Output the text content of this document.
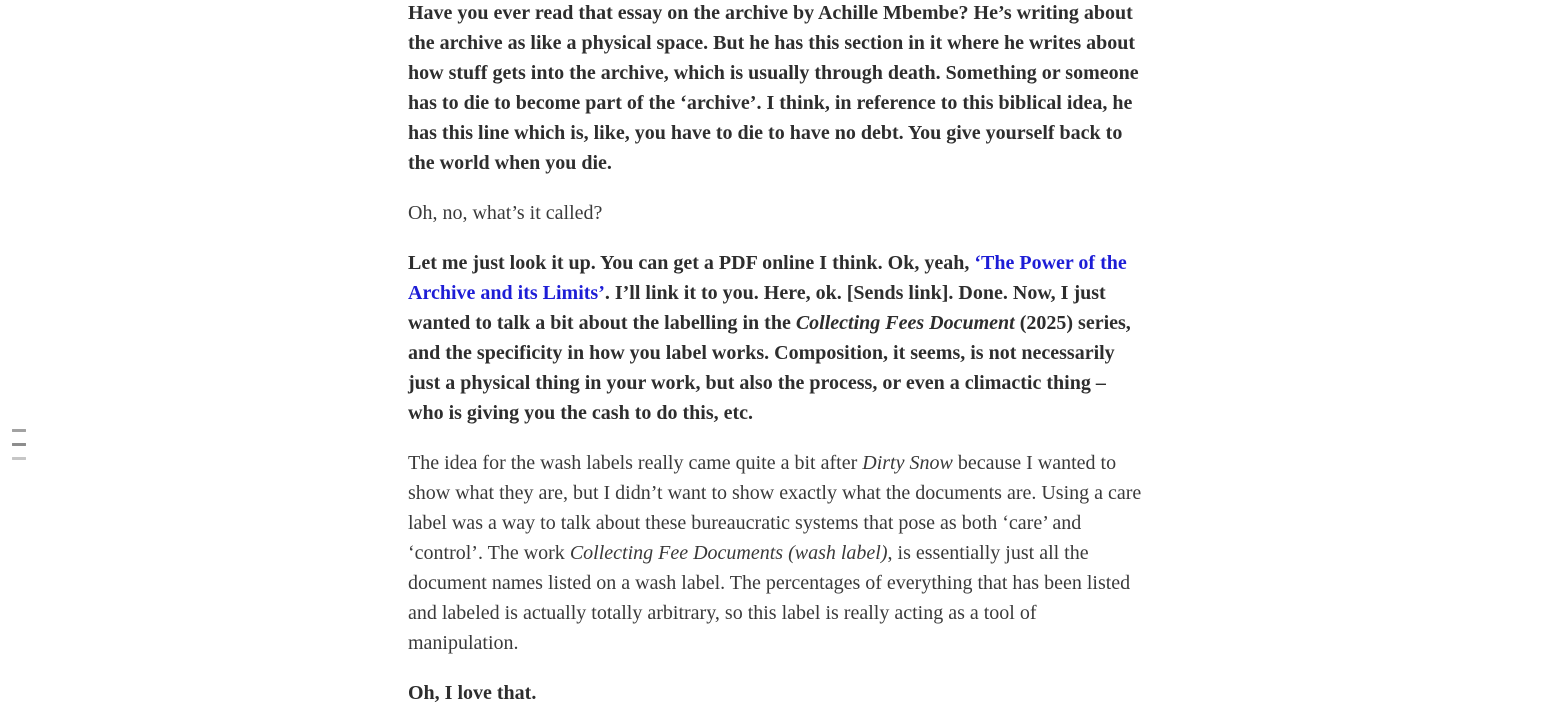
Have you ever read that essay on the archive by Achille Mbembe? He’s writing about the archive as like a physical space. But he has this section in it where he writes about how stuff gets into the archive, which is usually through death. Something or someone has to die to become part of the ‘archive’. I think, in reference to this biblical idea, he has this line which is, like, you have to die to have no debt. You give yourself back to the world when you die.

Oh, no, what’s it called?

Let me just look it up. You can get a PDF online I think. Ok, yeah, ‘The Power of the Archive and its Limits’. I’ll link it to you. Here, ok. [Sends link]. Done. Now, I just wanted to talk a bit about the labelling in the Collecting Fees Document (2025) series, and the specificity in how you label works. Composition, it seems, is not necessarily just a physical thing in your work, but also the process, or even a climactic thing – who is giving you the cash to do this, etc.

The idea for the wash labels really came quite a bit after Dirty Snow because I wanted to show what they are, but I didn’t want to show exactly what the documents are. Using a care label was a way to talk about these bureaucratic systems that pose as both ‘care’ and ‘control’. The work Collecting Fee Documents (wash label), is essentially just all the document names listed on a wash label. The percentages of everything that has been listed and labeled is actually totally arbitrary, so this label is really acting as a tool of manipulation.

Oh, I love that.
